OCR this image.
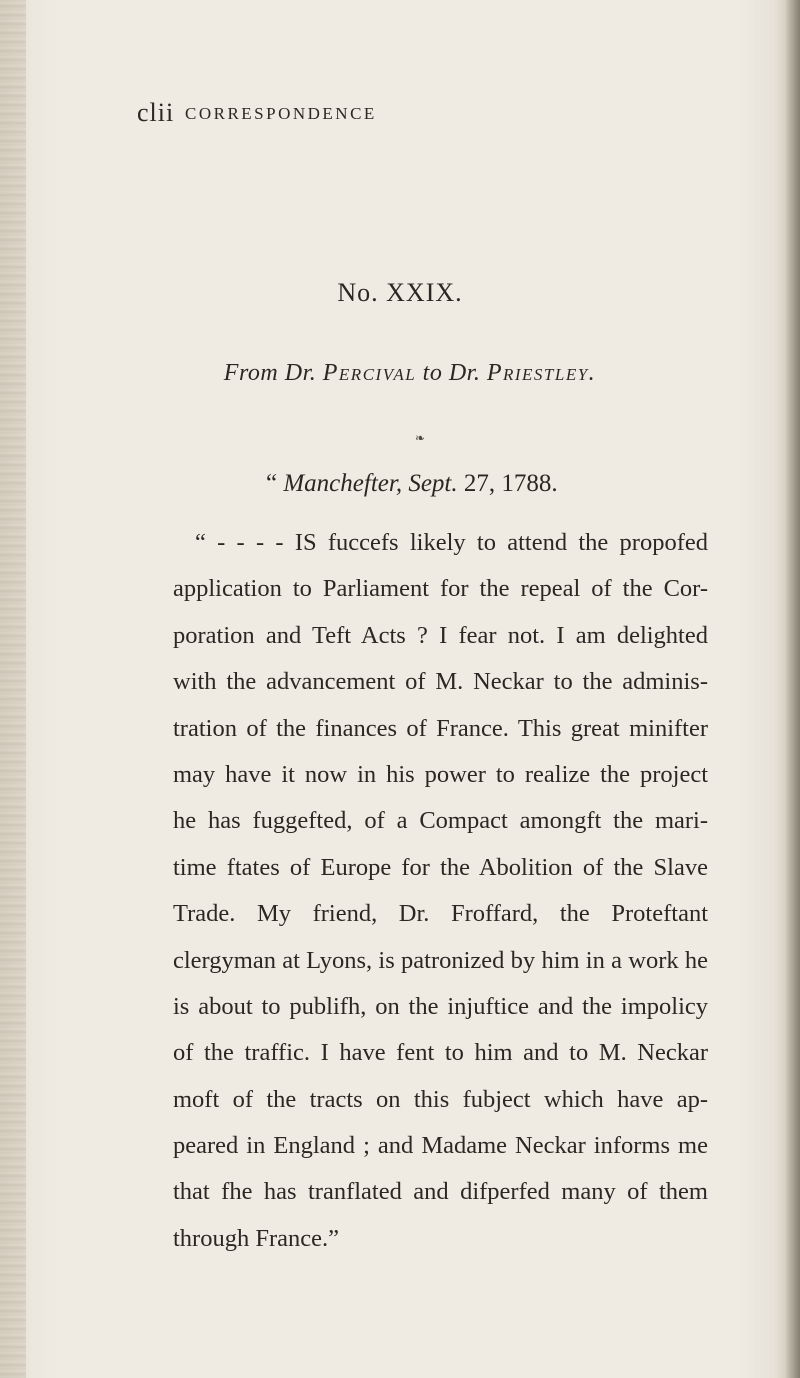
clii CORRESPONDENCE
No. XXIX.
From Dr. Percival to Dr. Priestley.
❧
“ Manchefter, Sept. 27, 1788.
“ - - - - IS fuccefs likely to attend the propofed
application to Parliament for the repeal of the Cor-
poration and Teft Acts ? I fear not. I am delighted
with the advancement of M. Neckar to the adminis-
tration of the finances of France. This great minifter
may have it now in his power to realize the project
he has fuggefted, of a Compact amongft the mari-
time ftates of Europe for the Abolition of the Slave
Trade. My friend, Dr. Froffard, the Proteftant
clergyman at Lyons, is patronized by him in a work he
is about to publifh, on the injuftice and the impolicy
of the traffic. I have fent to him and to M. Neckar
moft of the tracts on this fubject which have ap-
peared in England ; and Madame Neckar informs me
that fhe has tranflated and difperfed many of them
through France.”
